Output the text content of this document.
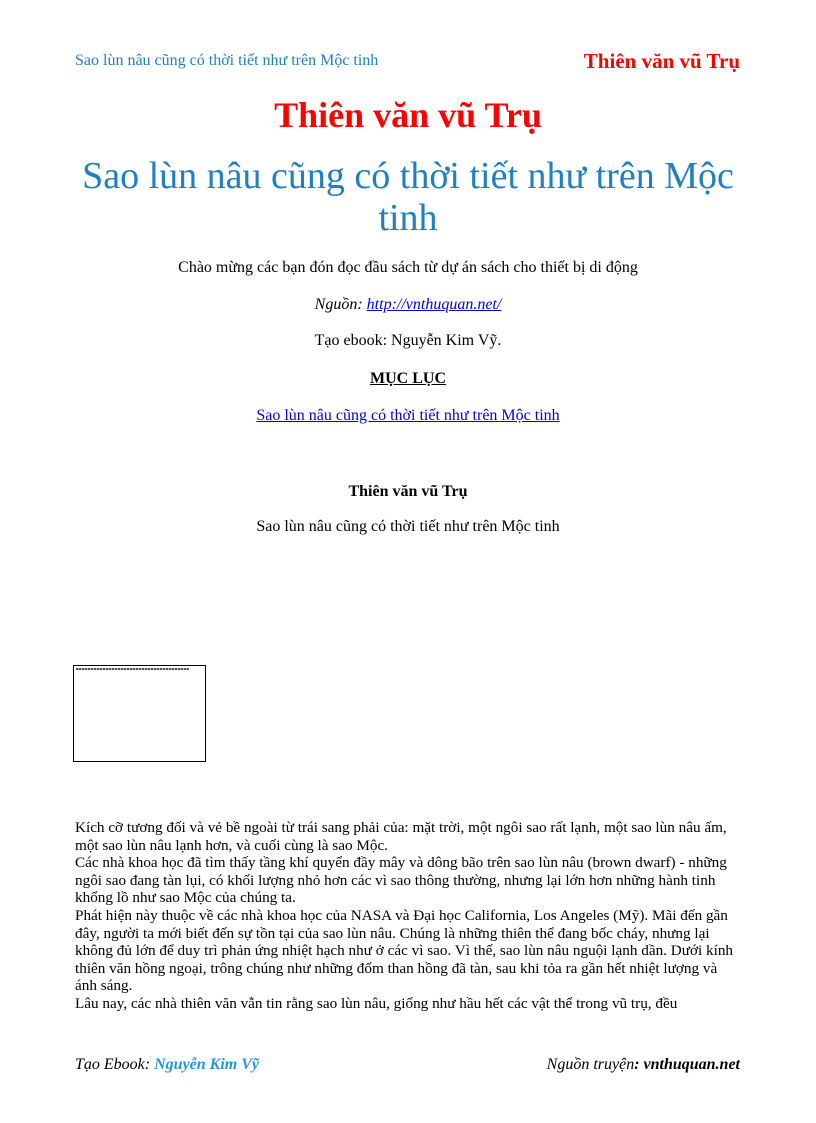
Sao lùn nâu cũng có thời tiết như trên Mộc tinh	Thiên văn vũ Trụ
Thiên văn vũ Trụ
Sao lùn nâu cũng có thời tiết như trên Mộc tinh
Chào mừng các bạn đón đọc đầu sách từ dự án sách cho thiết bị di động
Nguồn: http://vnthuquan.net/
Tạo ebook: Nguyễn Kim Vỹ.
MỤC LỤC
Sao lùn nâu cũng có thời tiết như trên Mộc tinh
Thiên văn vũ Trụ
Sao lùn nâu cũng có thời tiết như trên Mộc tinh

Kích cỡ tương đối và vẻ bề ngoài từ trái sang phải của: mặt trời, một ngôi sao rất lạnh, một sao lùn nâu ấm, một sao lùn nâu lạnh hơn, và cuối cùng là sao Mộc.

Các nhà khoa học đã tìm thấy tầng khí quyển đầy mây và dông bão trên sao lùn nâu (brown dwarf) - những ngôi sao đang tàn lụi, có khối lượng nhỏ hơn các vì sao thông thường, nhưng lại lớn hơn những hành tinh khổng lồ như sao Mộc của chúng ta.

Phát hiện này thuộc về các nhà khoa học của NASA và Đại học California, Los Angeles (Mỹ). Mãi đến gần đây, người ta mới biết đến sự tồn tại của sao lùn nâu. Chúng là những thiên thể đang bốc cháy, nhưng lại không đủ lớn để duy trì phản ứng nhiệt hạch như ở các vì sao. Vì thế, sao lùn nâu nguội lạnh dần. Dưới kính thiên văn hồng ngoại, trông chúng như những đốm than hồng đã tàn, sau khi tỏa ra gần hết nhiệt lượng và ánh sáng.

Lâu nay, các nhà thiên văn vẫn tin rằng sao lùn nâu, giống như hầu hết các vật thể trong vũ trụ, đều

Tạo Ebook: Nguyễn Kim Vỹ	Nguồn truyện: vnthuquan.net
